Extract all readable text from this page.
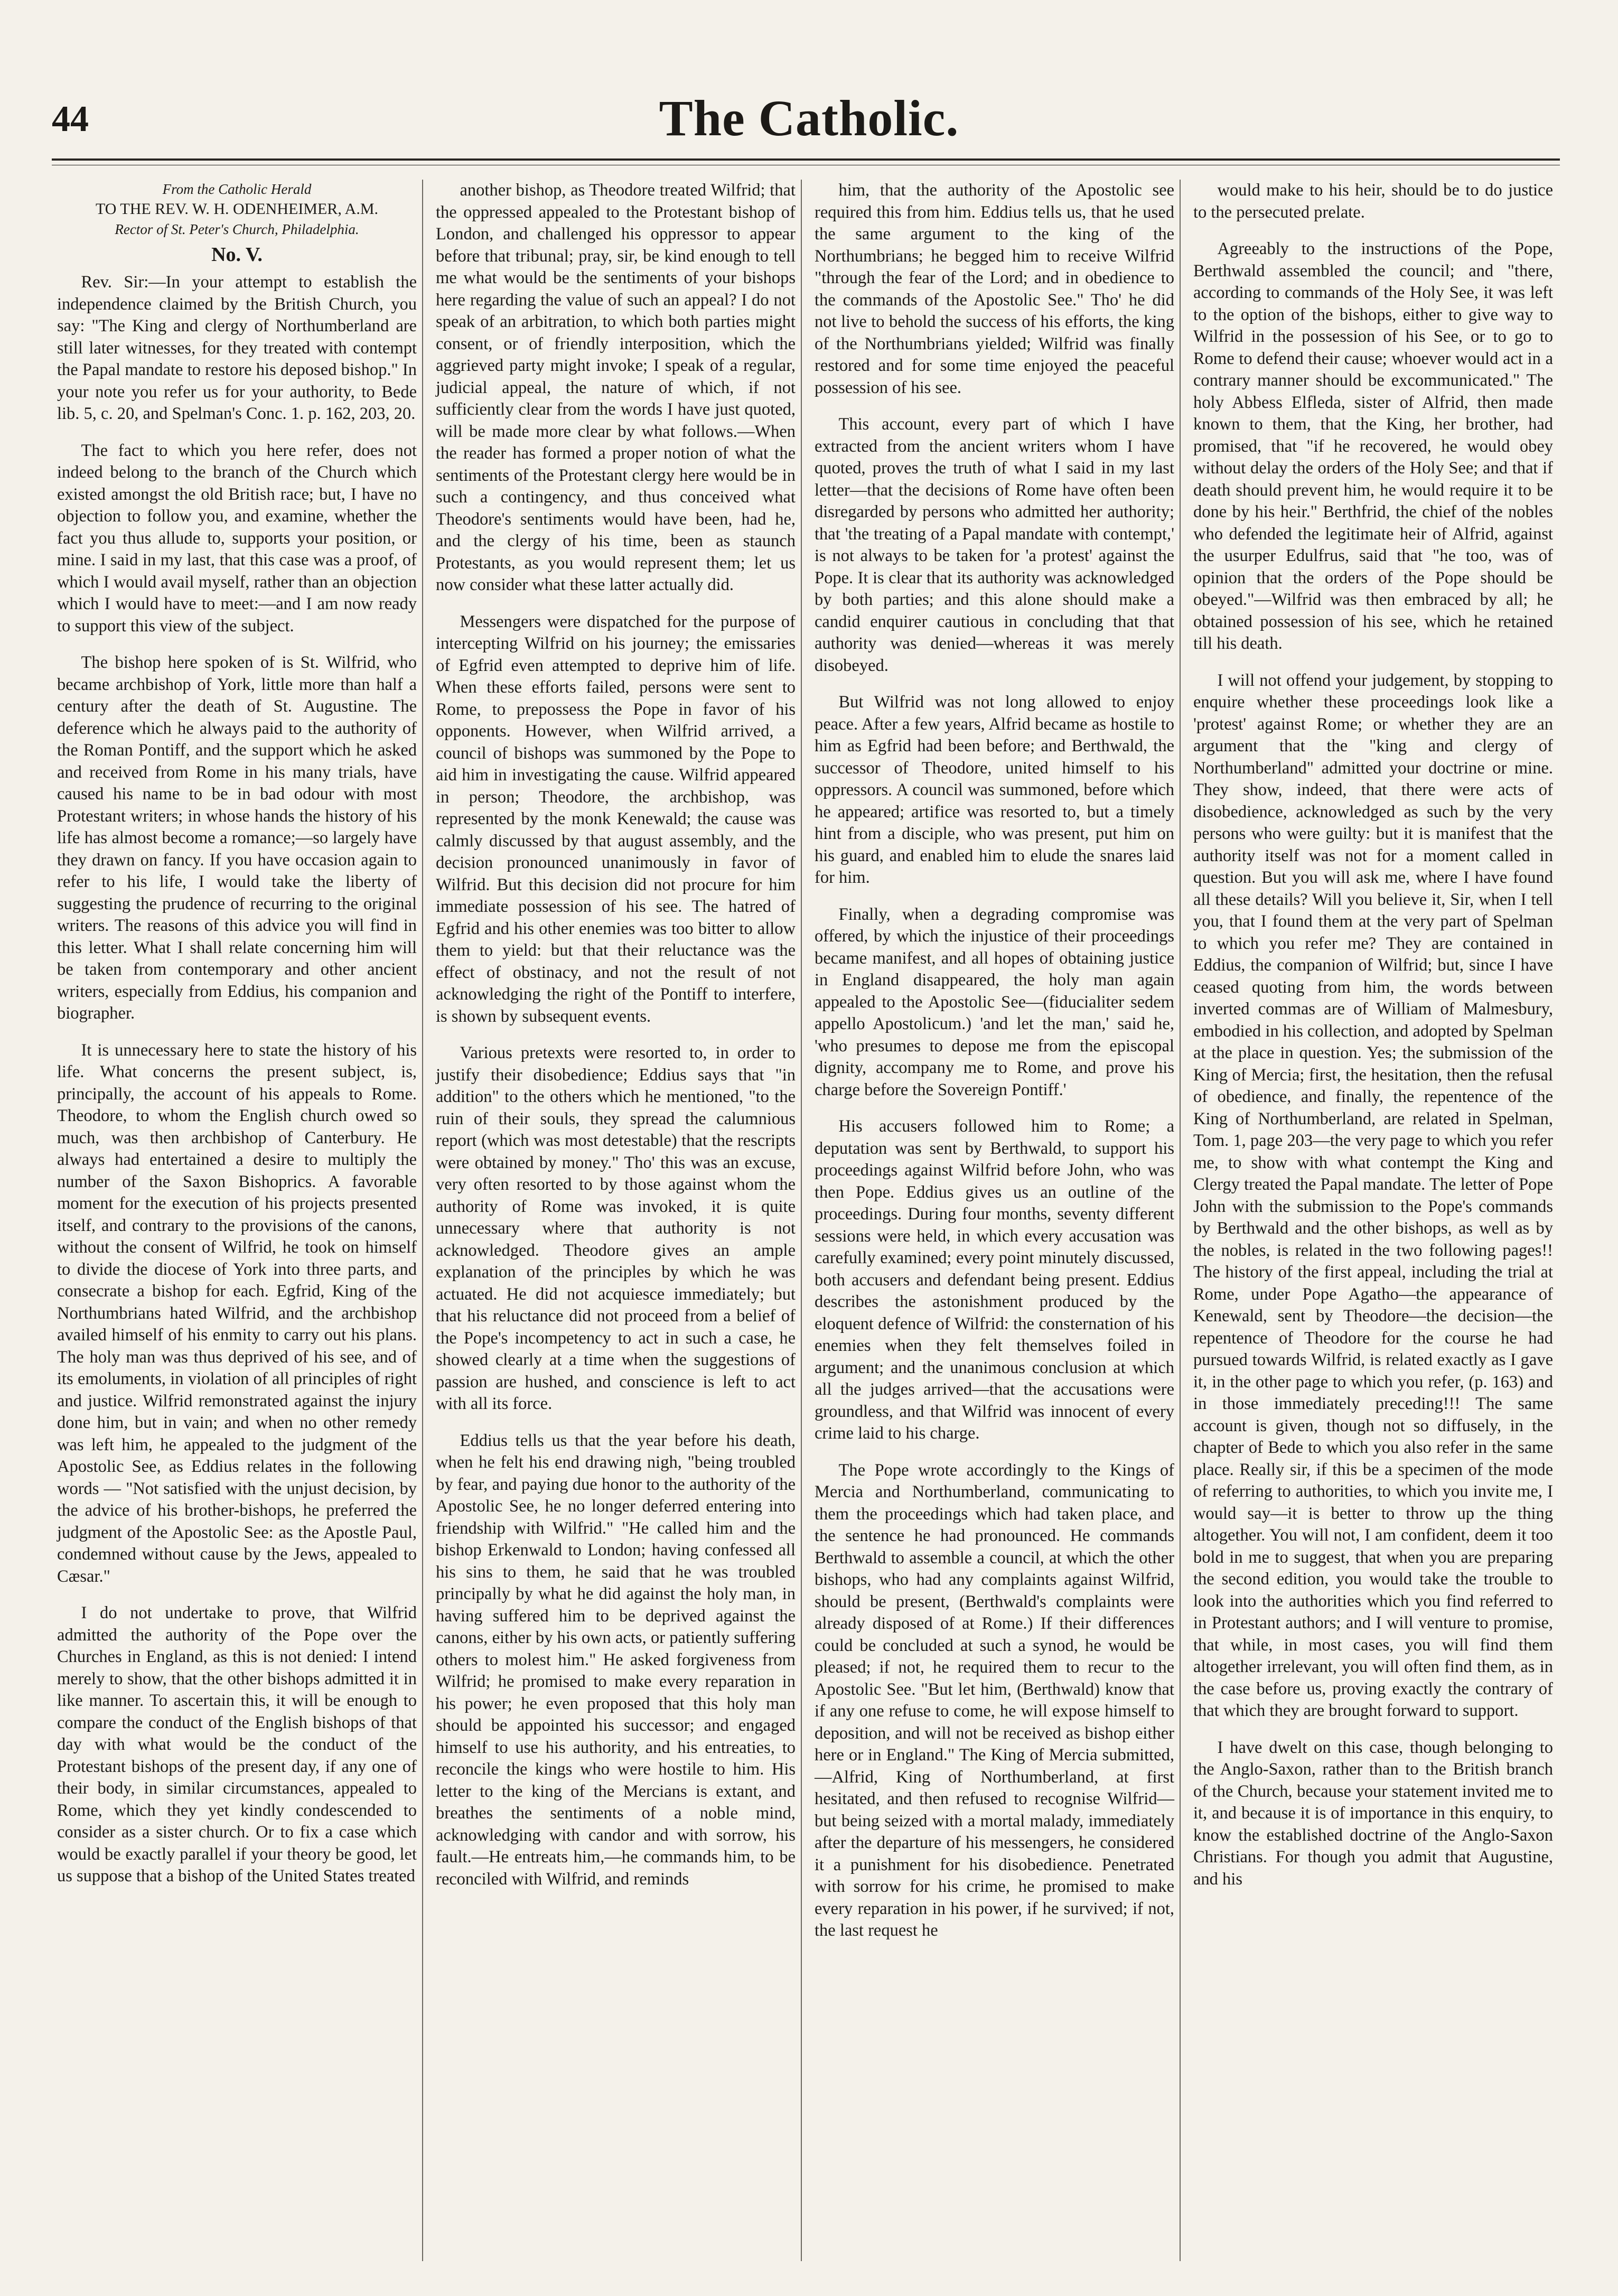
44	The Catholic.
From the Catholic Herald
TO THE REV. W. H. ODENHEIMER, A.M.
Rector of St. Peter's Church, Philadelphia.
No. V.

Rev. Sir:—In your attempt to establish the independence claimed by the British Church, you say: "The King and clergy of Northumberland are still later witnesses, for they treated with contempt the Papal mandate to restore his deposed bishop." In your note you refer us for your authority, to Bede lib. 5, c. 20, and Spelman's Conc. 1. p. 162, 203, 20.

The fact to which you here refer, does not indeed belong to the branch of the Church which existed amongst the old British race; but, I have no objection to follow you, and examine, whether the fact you thus allude to, supports your position, or mine. I said in my last, that this case was a proof, of which I would avail myself, rather than an objection which I would have to meet:—and I am now ready to support this view of the subject.

The bishop here spoken of is St. Wilfrid, who became archbishop of York, little more than half a century after the death of St. Augustine. The deference which he always paid to the authority of the Roman Pontiff, and the support which he asked and received from Rome in his many trials, have caused his name to be in bad odour with most Protestant writers; in whose hands the history of his life has almost become a romance;—so largely have they drawn on fancy. If you have occasion again to refer to his life, I would take the liberty of suggesting the prudence of recurring to the original writers. The reasons of this advice you will find in this letter. What I shall relate concerning him will be taken from contemporary and other ancient writers, especially from Eddius, his companion and biographer.

It is unnecessary here to state the history of his life. What concerns the present subject, is, principally, the account of his appeals to Rome. Theodore, to whom the English church owed so much, was then archbishop of Canterbury. He always had entertained a desire to multiply the number of the Saxon Bishoprics. A favorable moment for the execution of his projects presented itself, and contrary to the provisions of the canons, without the consent of Wilfrid, he took on himself to divide the diocese of York into three parts, and consecrate a bishop for each. Egfrid, King of the Northumbrians hated Wilfrid, and the archbishop availed himself of his enmity to carry out his plans. The holy man was thus deprived of his see, and of its emoluments, in violation of all principles of right and justice. Wilfrid remonstrated against the injury done him, but in vain; and when no other remedy was left him, he appealed to the judgment of the Apostolic See, as Eddius relates in the following words — "Not satisfied with the unjust decision, by the advice of his brother-bishops, he preferred the judgment of the Apostolic See: as the Apostle Paul, condemned without cause by the Jews, appealed to Cæsar."

I do not undertake to prove, that Wilfrid admitted the authority of the Pope over the Churches in England, as this is not denied: I intend merely to show, that the other bishops admitted it in like manner. To ascertain this, it will be enough to compare the conduct of the English bishops of that day with what would be the conduct of the Protestant bishops of the present day, if any one of their body, in similar circumstances, appealed to Rome, which they yet kindly condescended to consider as a sister church. Or to fix a case which would be exactly parallel if your theory be good, let us suppose that a bishop of the United States treated

another bishop, as Theodore treated Wilfrid; that the oppressed appealed to the Protestant bishop of London, and challenged his oppressor to appear before that tribunal; pray, sir, be kind enough to tell me what would be the sentiments of your bishops here regarding the value of such an appeal? I do not speak of an arbitration, to which both parties might consent, or of friendly interposition, which the aggrieved party might invoke; I speak of a regular, judicial appeal, the nature of which, if not sufficiently clear from the words I have just quoted, will be made more clear by what follows.—When the reader has formed a proper notion of what the sentiments of the Protestant clergy here would be in such a contingency, and thus conceived what Theodore's sentiments would have been, had he, and the clergy of his time, been as staunch Protestants, as you would represent them; let us now consider what these latter actually did.

Messengers were dispatched for the purpose of intercepting Wilfrid on his journey; the emissaries of Egfrid even attempted to deprive him of life. When these efforts failed, persons were sent to Rome, to prepossess the Pope in favor of his opponents. However, when Wilfrid arrived, a council of bishops was summoned by the Pope to aid him in investigating the cause. Wilfrid appeared in person; Theodore, the archbishop, was represented by the monk Kenewald; the cause was calmly discussed by that august assembly, and the decision pronounced unanimously in favor of Wilfrid. But this decision did not procure for him immediate possession of his see. The hatred of Egfrid and his other enemies was too bitter to allow them to yield: but that their reluctance was the effect of obstinacy, and not the result of not acknowledging the right of the Pontiff to interfere, is shown by subsequent events.

Various pretexts were resorted to, in order to justify their disobedience; Eddius says that "in addition" to the others which he mentioned, "to the ruin of their souls, they spread the calumnious report (which was most detestable) that the rescripts were obtained by money." Tho' this was an excuse, very often resorted to by those against whom the authority of Rome was invoked, it is quite unnecessary where that authority is not acknowledged. Theodore gives an ample explanation of the principles by which he was actuated. He did not acquiesce immediately; but that his reluctance did not proceed from a belief of the Pope's incompetency to act in such a case, he showed clearly at a time when the suggestions of passion are hushed, and conscience is left to act with all its force.

Eddius tells us that the year before his death, when he felt his end drawing nigh, "being troubled by fear, and paying due honor to the authority of the Apostolic See, he no longer deferred entering into friendship with Wilfrid." "He called him and the bishop Erkenwald to London; having confessed all his sins to them, he said that he was troubled principally by what he did against the holy man, in having suffered him to be deprived against the canons, either by his own acts, or patiently suffering others to molest him." He asked forgiveness from Wilfrid; he promised to make every reparation in his power; he even proposed that this holy man should be appointed his successor; and engaged himself to use his authority, and his entreaties, to reconcile the kings who were hostile to him. His letter to the king of the Mercians is extant, and breathes the sentiments of a noble mind, acknowledging with candor and with sorrow, his fault.—He entreats him,—he commands him, to be reconciled with Wilfrid, and reminds

him, that the authority of the Apostolic see required this from him. Eddius tells us, that he used the same argument to the king of the Northumbrians; he begged him to receive Wilfrid "through the fear of the Lord; and in obedience to the commands of the Apostolic See." Tho' he did not live to behold the success of his efforts, the king of the Northumbrians yielded; Wilfrid was finally restored and for some time enjoyed the peaceful possession of his see.

This account, every part of which I have extracted from the ancient writers whom I have quoted, proves the truth of what I said in my last letter—that the decisions of Rome have often been disregarded by persons who admitted her authority; that 'the treating of a Papal mandate with contempt,' is not always to be taken for 'a protest' against the Pope. It is clear that its authority was acknowledged by both parties; and this alone should make a candid enquirer cautious in concluding that that authority was denied—whereas it was merely disobeyed.

But Wilfrid was not long allowed to enjoy peace. After a few years, Alfrid became as hostile to him as Egfrid had been before; and Berthwald, the successor of Theodore, united himself to his oppressors. A council was summoned, before which he appeared; artifice was resorted to, but a timely hint from a disciple, who was present, put him on his guard, and enabled him to elude the snares laid for him.

Finally, when a degrading compromise was offered, by which the injustice of their proceedings became manifest, and all hopes of obtaining justice in England disappeared, the holy man again appealed to the Apostolic See—(fiducialiter sedem appello Apostolicum.) 'and let the man,' said he, 'who presumes to depose me from the episcopal dignity, accompany me to Rome, and prove his charge before the Sovereign Pontiff.'

His accusers followed him to Rome; a deputation was sent by Berthwald, to support his proceedings against Wilfrid before John, who was then Pope. Eddius gives us an outline of the proceedings. During four months, seventy different sessions were held, in which every accusation was carefully examined; every point minutely discussed, both accusers and defendant being present. Eddius describes the astonishment produced by the eloquent defence of Wilfrid: the consternation of his enemies when they felt themselves foiled in argument; and the unanimous conclusion at which all the judges arrived—that the accusations were groundless, and that Wilfrid was innocent of every crime laid to his charge.

The Pope wrote accordingly to the Kings of Mercia and Northumberland, communicating to them the proceedings which had taken place, and the sentence he had pronounced. He commands Berthwald to assemble a council, at which the other bishops, who had any complaints against Wilfrid, should be present, (Berthwald's complaints were already disposed of at Rome.) If their differences could be concluded at such a synod, he would be pleased; if not, he required them to recur to the Apostolic See. "But let him, (Berthwald) know that if any one refuse to come, he will expose himself to deposition, and will not be received as bishop either here or in England." The King of Mercia submitted,—Alfrid, King of Northumberland, at first hesitated, and then refused to recognise Wilfrid—but being seized with a mortal malady, immediately after the departure of his messengers, he considered it a punishment for his disobedience. Penetrated with sorrow for his crime, he promised to make every reparation in his power, if he survived; if not, the last request he

would make to his heir, should be to do justice to the persecuted prelate.

Agreeably to the instructions of the Pope, Berthwald assembled the council; and "there, according to commands of the Holy See, it was left to the option of the bishops, either to give way to Wilfrid in the possession of his See, or to go to Rome to defend their cause; whoever would act in a contrary manner should be excommunicated." The holy Abbess Elfleda, sister of Alfrid, then made known to them, that the King, her brother, had promised, that "if he recovered, he would obey without delay the orders of the Holy See; and that if death should prevent him, he would require it to be done by his heir." Berthfrid, the chief of the nobles who defended the legitimate heir of Alfrid, against the usurper Edulfrus, said that "he too, was of opinion that the orders of the Pope should be obeyed."—Wilfrid was then embraced by all; he obtained possession of his see, which he retained till his death.

I will not offend your judgement, by stopping to enquire whether these proceedings look like a 'protest' against Rome; or whether they are an argument that the "king and clergy of Northumberland" admitted your doctrine or mine. They show, indeed, that there were acts of disobedience, acknowledged as such by the very persons who were guilty: but it is manifest that the authority itself was not for a moment called in question. But you will ask me, where I have found all these details? Will you believe it, Sir, when I tell you, that I found them at the very part of Spelman to which you refer me? They are contained in Eddius, the companion of Wilfrid; but, since I have ceased quoting from him, the words between inverted commas are of William of Malmesbury, embodied in his collection, and adopted by Spelman at the place in question. Yes; the submission of the King of Mercia; first, the hesitation, then the refusal of obedience, and finally, the repentence of the King of Northumberland, are related in Spelman, Tom. 1, page 203—the very page to which you refer me, to show with what contempt the King and Clergy treated the Papal mandate. The letter of Pope John with the submission to the Pope's commands by Berthwald and the other bishops, as well as by the nobles, is related in the two following pages!! The history of the first appeal, including the trial at Rome, under Pope Agatho—the appearance of Kenewald, sent by Theodore—the decision—the repentence of Theodore for the course he had pursued towards Wilfrid, is related exactly as I gave it, in the other page to which you refer, (p. 163) and in those immediately preceding!!! The same account is given, though not so diffusely, in the chapter of Bede to which you also refer in the same place. Really sir, if this be a specimen of the mode of referring to authorities, to which you invite me, I would say—it is better to throw up the thing altogether. You will not, I am confident, deem it too bold in me to suggest, that when you are preparing the second edition, you would take the trouble to look into the authorities which you find referred to in Protestant authors; and I will venture to promise, that while, in most cases, you will find them altogether irrelevant, you will often find them, as in the case before us, proving exactly the contrary of that which they are brought forward to support.

I have dwelt on this case, though belonging to the Anglo-Saxon, rather than to the British branch of the Church, because your statement invited me to it, and because it is of importance in this enquiry, to know the established doctrine of the Anglo-Saxon Christians. For though you admit that Augustine, and his
